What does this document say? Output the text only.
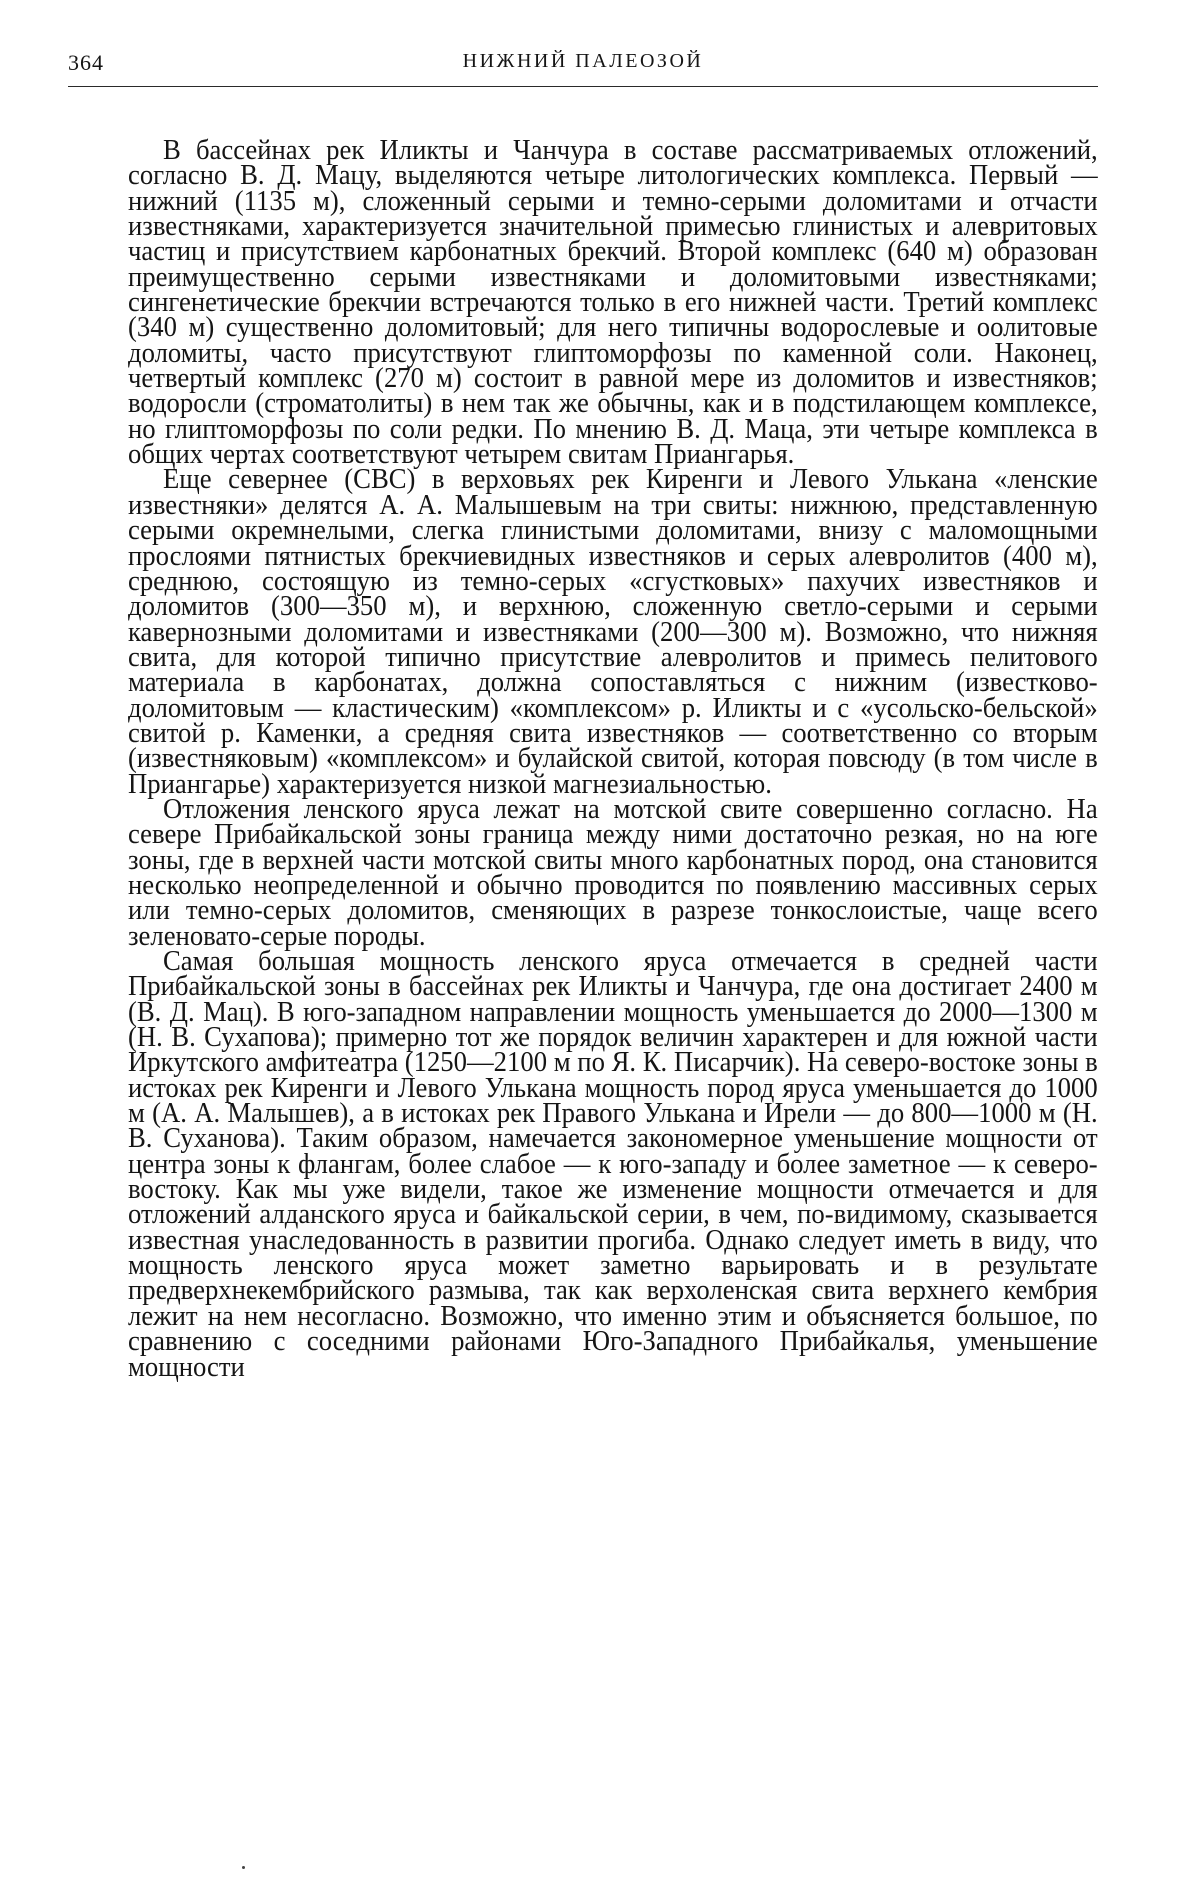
364	НИЖНИЙ ПАЛЕОЗОЙ

В бассейнах рек Иликты и Чанчура в составе рассматриваемых отложений, согласно В. Д. Мацу, выделяются четыре литологических комплекса. Первый — нижний (1135 м), сложенный серыми и темно-серыми доломитами и отчасти известняками, характеризуется значительной примесью глинистых и алевритовых частиц и присутствием карбонатных брекчий. Второй комплекс (640 м) образован преимущественно серыми известняками и доломитовыми известняками; сингенетические брекчии встречаются только в его нижней части. Третий комплекс (340 м) существенно доломитовый; для него типичны водорослевые и оолитовые доломиты, часто присутствуют глиптоморфозы по каменной соли. Наконец, четвертый комплекс (270 м) состоит в равной мере из доломитов и известняков; водоросли (строматолиты) в нем так же обычны, как и в подстилающем комплексе, но глиптоморфозы по соли редки. По мнению В. Д. Маца, эти четыре комплекса в общих чертах соответствуют четырем свитам Приангарья.

Еще севернее (СВС) в верховьях рек Киренги и Левого Улькана «ленские известняки» делятся А. А. Малышевым на три свиты: нижнюю, представленную серыми окремнелыми, слегка глинистыми доломитами, внизу с маломощными прослоями пятнистых брекчиевидных известняков и серых алевролитов (400 м), среднюю, состоящую из темно-серых «сгустковых» пахучих известняков и доломитов (300—350 м), и верхнюю, сложенную светло-серыми и серыми кавернозными доломитами и известняками (200—300 м). Возможно, что нижняя свита, для которой типично присутствие алевролитов и примесь пелитового материала в карбонатах, должна сопоставляться с нижним (известково-доломитовым — кластическим) «комплексом» р. Иликты и с «усольско-бельской» свитой р. Каменки, а средняя свита известняков — соответственно со вторым (известняковым) «комплексом» и булайской свитой, которая повсюду (в том числе в Приангарье) характеризуется низкой магнезиальностью.

Отложения ленского яруса лежат на мотской свите совершенно согласно. На севере Прибайкальской зоны граница между ними достаточно резкая, но на юге зоны, где в верхней части мотской свиты много карбонатных пород, она становится несколько неопределенной и обычно проводится по появлению массивных серых или темно-серых доломитов, сменяющих в разрезе тонкослоистые, чаще всего зеленовато-серые породы.

Самая большая мощность ленского яруса отмечается в средней части Прибайкальской зоны в бассейнах рек Иликты и Чанчура, где она достигает 2400 м (В. Д. Мац). В юго-западном направлении мощность уменьшается до 2000—1300 м (Н. В. Сухапова); примерно тот же порядок величин характерен и для южной части Иркутского амфитеатра (1250—2100 м по Я. К. Писарчик). На северо-востоке зоны в истоках рек Киренги и Левого Улькана мощность пород яруса уменьшается до 1000 м (А. А. Малышев), а в истоках рек Правого Улькана и Ирели — до 800—1000 м (Н. В. Суханова). Таким образом, намечается закономерное уменьшение мощности от центра зоны к флангам, более слабое — к юго-западу и более заметное — к северо-востоку. Как мы уже видели, такое же изменение мощности отмечается и для отложений алданского яруса и байкальской серии, в чем, по-видимому, сказывается известная унаследованность в развитии прогиба. Однако следует иметь в виду, что мощность ленского яруса может заметно варьировать и в результате предверхнекембрийского размыва, так как верхоленская свита верхнего кембрия лежит на нем несогласно. Возможно, что именно этим и объясняется большое, по сравнению с соседними районами Юго-Западного Прибайкалья, уменьшение мощности
